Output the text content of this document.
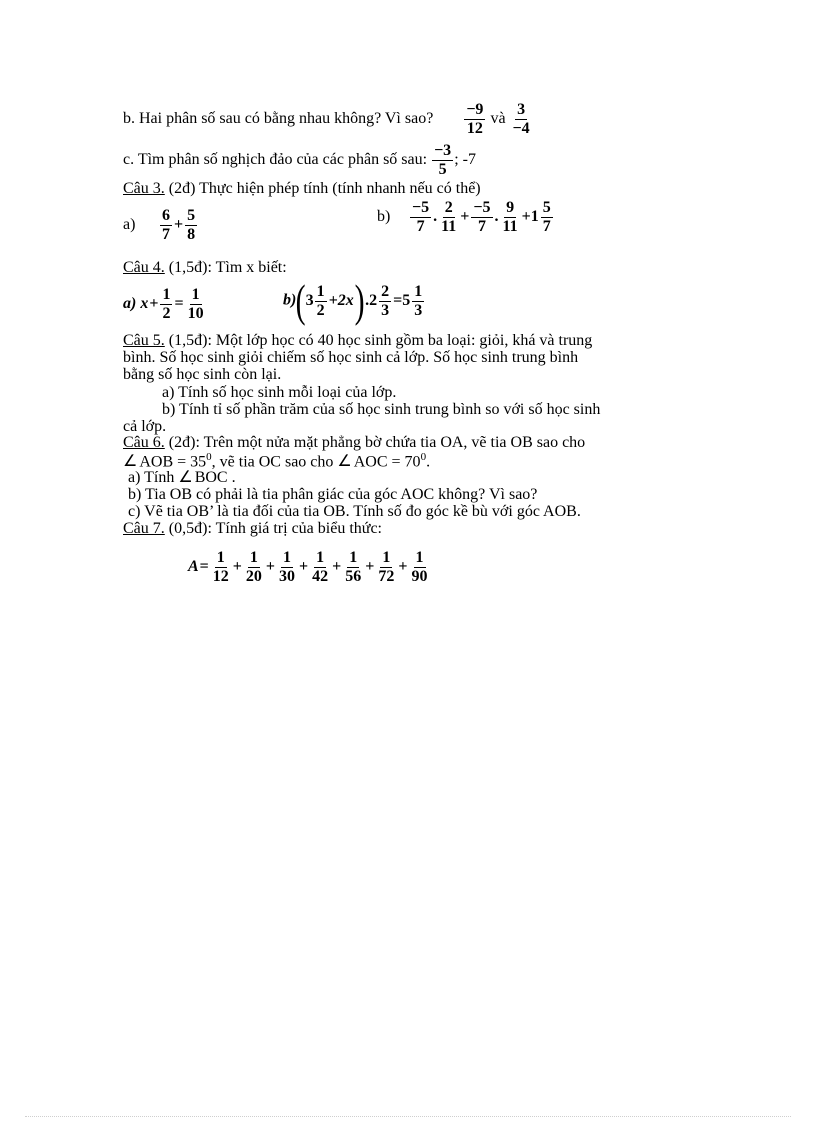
b. Hai phân số sau có bằng nhau không? Vì sao? $\frac{-9}{12}$ và $\frac{3}{-4}$
c. Tìm phân số nghịch đảo của các phân số sau: $\frac{-3}{5}$ ; -7
Câu 3. (2đ) Thực hiện phép tính (tính nhanh nếu có thể)
$a) \frac{6}{7} + \frac{5}{8}$	$b) \frac{-5}{7}$ . $\frac{2}{11} + \frac{-5}{7}$ . $\frac{9}{11} +1 \frac{5}{7}$
Câu 4. (1,5đ): Tìm x biết:
a) $x+ \frac{1}{2} = \frac{1}{10}$	b)( $3 \frac{1}{2} +2x).2 \frac{2}{3} =5 \frac{1}{3}$
Câu 5. (1,5đ): Một lớp học có 40 học sinh gồm ba loại: giỏi, khá và trung
bình. Số học sinh giỏi chiếm số học sinh cả lớp. Số học sinh trung bình
bằng số học sinh còn lại.
a) Tính số học sinh mỗi loại của lớp.
b) Tính tỉ số phần trăm của số học sinh trung bình so với số học sinh
cả lớp.
Câu 6. (2đ): Trên một nửa mặt phẳng bờ chứa tia OA, vẽ tia OB sao cho
∠ AOB = $35^0$, vẽ tia OC sao cho ∠ AOC = $70^0$.
a) Tính ∠ BOC .
b) Tia OB có phải là tia phân giác của góc AOC không? Vì sao?
c) Vẽ tia OB’ là tia đối của tia OB. Tính số đo góc kề bù với góc AOB.
Câu 7. (0,5đ): Tính giá trị của biểu thức:
$A= \frac{1}{12} + \frac{1}{20} + \frac{1}{30} + \frac{1}{42} + \frac{1}{56} + \frac{1}{72} + \frac{1}{90}$
